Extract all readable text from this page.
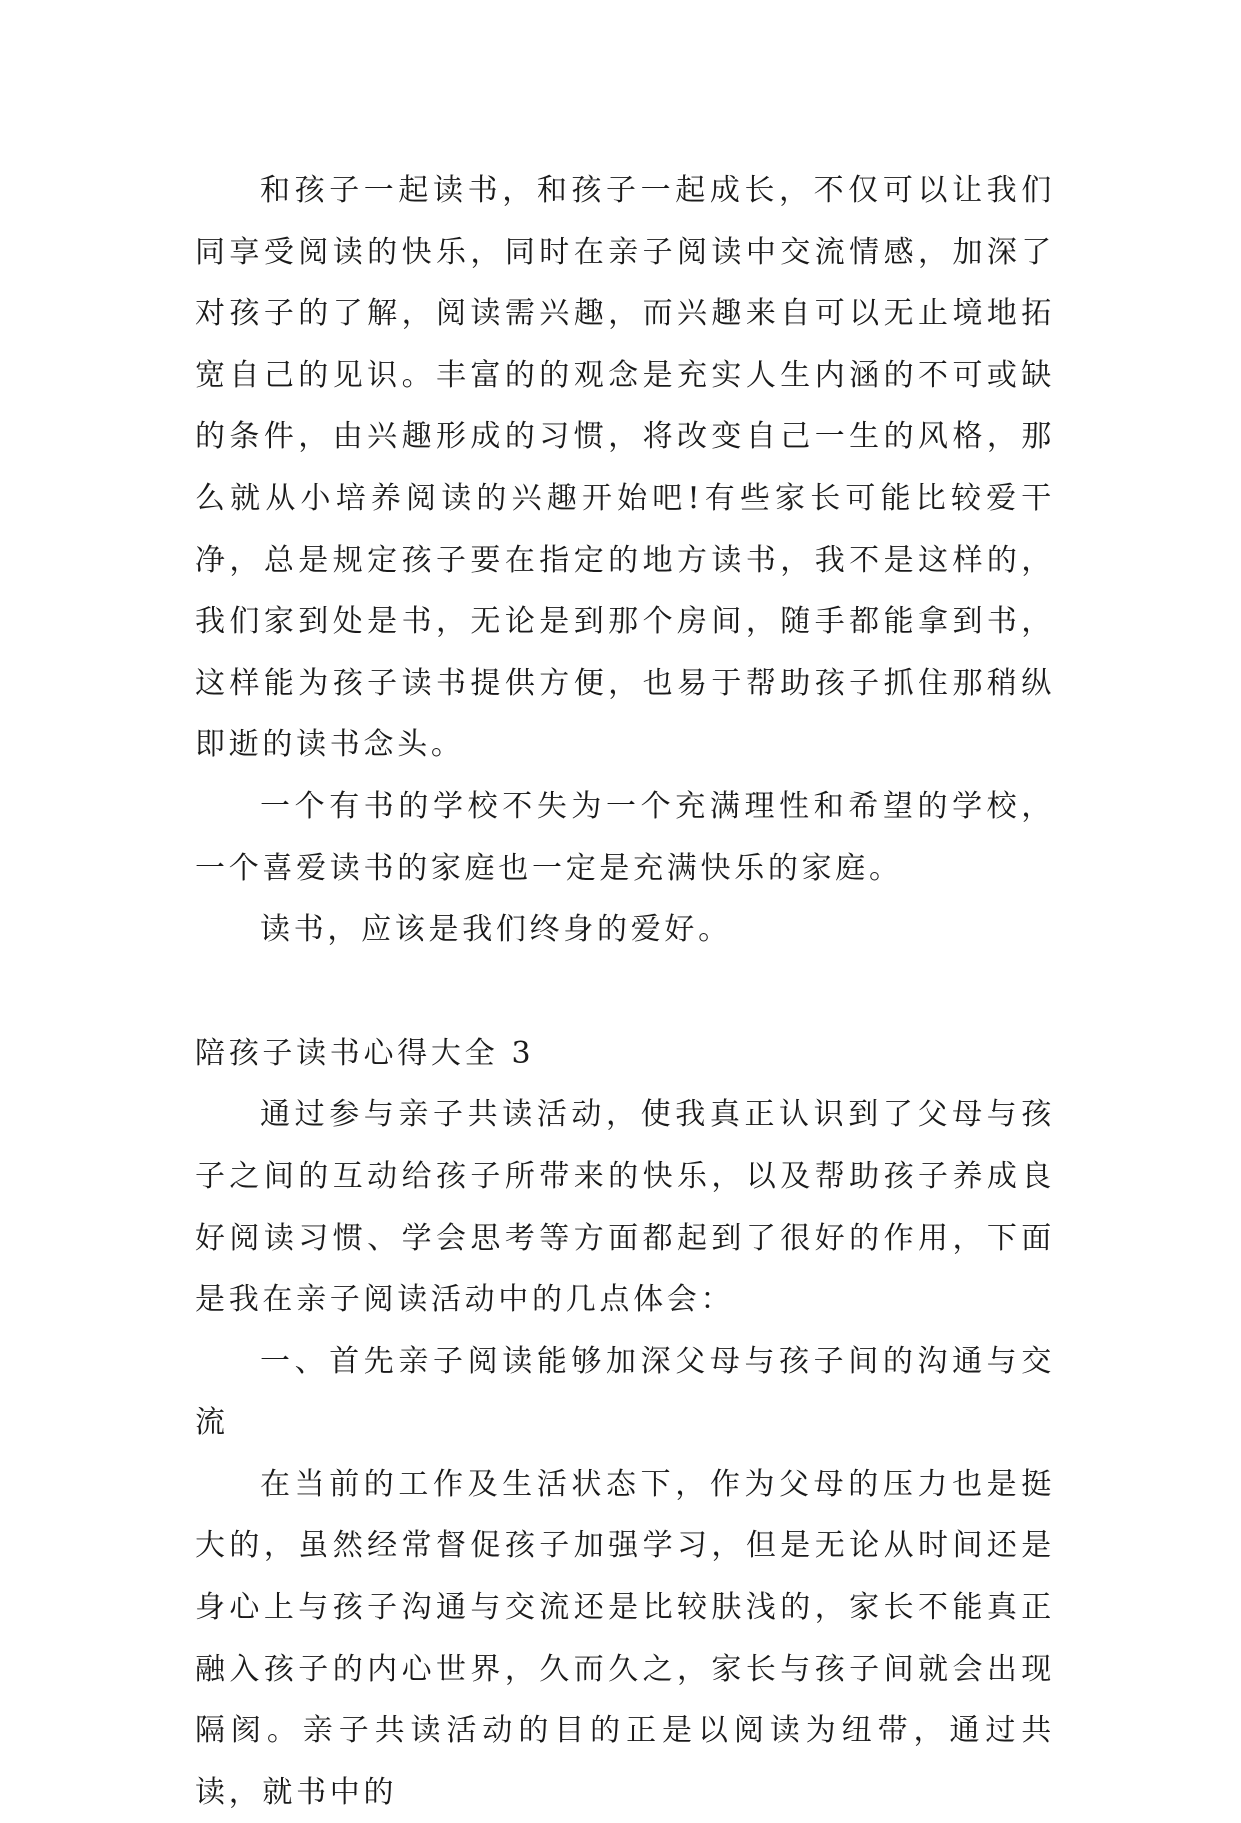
和孩子一起读书，和孩子一起成长，不仅可以让我们同享受阅读的快乐，同时在亲子阅读中交流情感，加深了对孩子的了解，阅读需兴趣，而兴趣来自可以无止境地拓宽自己的见识。丰富的的观念是充实人生内涵的不可或缺的条件，由兴趣形成的习惯，将改变自己一生的风格，那么就从小培养阅读的兴趣开始吧!有些家长可能比较爱干净，总是规定孩子要在指定的地方读书，我不是这样的，我们家到处是书，无论是到那个房间，随手都能拿到书，这样能为孩子读书提供方便，也易于帮助孩子抓住那稍纵即逝的读书念头。

一个有书的学校不失为一个充满理性和希望的学校，一个喜爱读书的家庭也一定是充满快乐的家庭。

读书，应该是我们终身的爱好。

陪孩子读书心得大全 3

通过参与亲子共读活动，使我真正认识到了父母与孩子之间的互动给孩子所带来的快乐，以及帮助孩子养成良好阅读习惯、学会思考等方面都起到了很好的作用，下面是我在亲子阅读活动中的几点体会：

一、首先亲子阅读能够加深父母与孩子间的沟通与交流

在当前的工作及生活状态下，作为父母的压力也是挺大的，虽然经常督促孩子加强学习，但是无论从时间还是身心上与孩子沟通与交流还是比较肤浅的，家长不能真正融入孩子的内心世界，久而久之，家长与孩子间就会出现隔阂。亲子共读活动的目的正是以阅读为纽带，通过共读，就书中的
